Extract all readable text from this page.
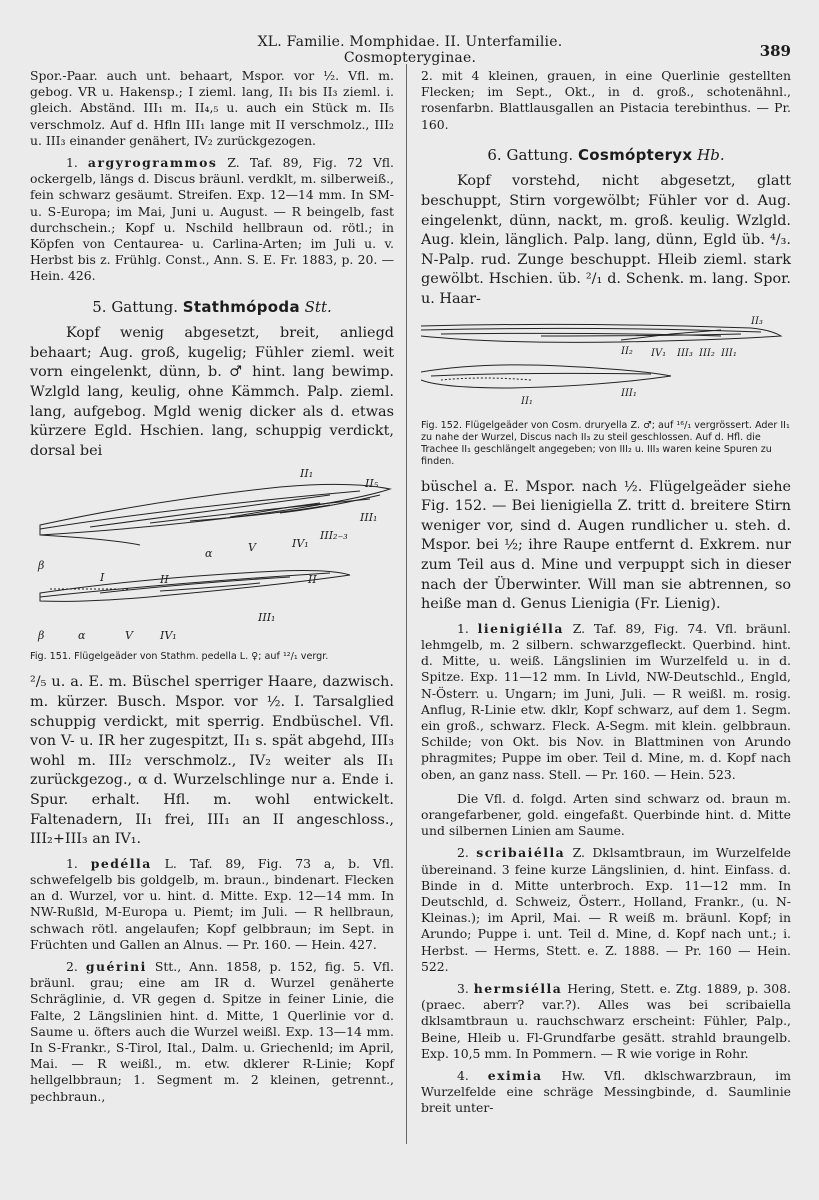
XL. Familie. Momphidae. II. Unterfamilie. Cosmopteryginae.	389

Spor.-Paar. auch unt. behaart, Mspor. vor ½. Vfl. m. gebog. VR u. Hakensp.; I zieml. lang, II₁ bis II₃ zieml. i. gleich. Abständ. III₁ m. II₄,₅ u. auch ein Stück m. II₅ verschmolz. Auf d. Hfln III₁ lange mit II verschmolz., III₂ u. III₃ einander genähert, IV₂ zurückgezogen.

1. argyrogrammos Z. Taf. 89, Fig. 72 Vfl. ockergelb, längs d. Discus bräunl. verdklt, m. silberweiß., fein schwarz gesäumt. Streifen. Exp. 12—14 mm. In SM- u. S-Europa; im Mai, Juni u. August. — R beingelb, fast durchschein.; Kopf u. Nschild hellbraun od. rötl.; in Köpfen von Centaurea- u. Carlina-Arten; im Juli u. v. Herbst bis z. Frühlg. Const., Ann. S. E. Fr. 1883, p. 20. — Hein. 426.

5. Gattung. Stathmópoda Stt.

Kopf wenig abgesetzt, breit, anliegd behaart; Aug. groß, kugelig; Fühler zieml. weit vorn eingelenkt, dünn, b. ♂ hint. lang bewimp. Wzlgld lang, keulig, ohne Kämmch. Palp. zieml. lang, aufgebog. Mgld wenig dicker als d. etwas kürzere Egld. Hschien. lang, schuppig verdickt, dorsal bei

II₁
II₅
III₁
III₂₋₃
IV₁
V
α
β
I	II	II
III₁
IV₁
V
α
β
Fig. 151. Flügelgeäder von Stathm. pedella L. ♀; auf ¹²/₁ vergr.

²/₅ u. a. E. m. Büschel sperriger Haare, dazwisch. m. kürzer. Busch. Mspor. vor ½. I. Tarsalglied schuppig verdickt, mit sperrig. Endbüschel. Vfl. von V- u. IR her zugespitzt, II₁ s. spät abgehd, III₃ wohl m. III₂ verschmolz., IV₂ weiter als II₁ zurückgezog., α d. Wurzelschlinge nur a. Ende i. Spur. erhalt. Hfl. m. wohl entwickelt. Faltenadern, II₁ frei, III₁ an II angeschloss., III₂+III₃ an IV₁.

1. pedélla L. Taf. 89, Fig. 73 a, b. Vfl. schwefelgelb bis goldgelb, m. braun., bindenart. Flecken an d. Wurzel, vor u. hint. d. Mitte. Exp. 12—14 mm. In NW-Rußld, M-Europa u. Piemt; im Juli. — R hellbraun, schwach rötl. angelaufen; Kopf gelbbraun; im Sept. in Früchten und Gallen an Alnus. — Pr. 160. — Hein. 427.

2. guérini Stt., Ann. 1858, p. 152, fig. 5. Vfl. bräunl. grau; eine am IR d. Wurzel genäherte Schräglinie, d. VR gegen d. Spitze in feiner Linie, die Falte, 2 Längslinien hint. d. Mitte, 1 Querlinie vor d. Saume u. öfters auch die Wurzel weißl. Exp. 13—14 mm. In S-Frankr., S-Tirol, Ital., Dalm. u. Griechenld; im April, Mai. — R weißl., m. etw. dklerer R-Linie; Kopf hellgelbbraun; 1. Segment m. 2 kleinen, getrennt., pechbraun.,

2. mit 4 kleinen, grauen, in eine Querlinie gestellten Flecken; im Sept., Okt., in d. groß., schotenähnl., rosenfarbn. Blattlausgallen an Pistacia terebinthus. — Pr. 160.

6. Gattung. Cosmópteryx Hb.

Kopf vorstehd, nicht abgesetzt, glatt beschuppt, Stirn vorgewölbt; Fühler vor d. Aug. eingelenkt, dünn, nackt, m. groß. keulig. Wzlgld. Aug. klein, länglich. Palp. lang, dünn, Egld üb. ⁴/₃. N-Palp. rud. Zunge beschuppt. Hleib zieml. stark gewölbt. Hschien. üb. ²/₁ d. Schenk. m. lang. Spor. u. Haar-

II₃
III₁
III₂
III₃
IV₁
II₂
II₁
III₁
Fig. 152. Flügelgeäder von Cosm. druryella Z. ♂; auf ¹⁶/₁ vergrössert. Ader II₁ zu nahe der Wurzel, Discus nach II₃ zu steil geschlossen. Auf d. Hfl. die Trachee II₁ geschlängelt angegeben; von III₂ u. III₃ waren keine Spuren zu finden.

büschel a. E. Mspor. nach ½. Flügelgeäder siehe Fig. 152. — Bei lienigiella Z. tritt d. breitere Stirn weniger vor, sind d. Augen rundlicher u. steh. d. Mspor. bei ½; ihre Raupe entfernt d. Exkrem. nur zum Teil aus d. Mine und verpuppt sich in dieser nach der Überwinter. Will man sie abtrennen, so heiße man d. Genus Lienigia (Fr. Lienig).

1. lienigiélla Z. Taf. 89, Fig. 74. Vfl. bräunl. lehmgelb, m. 2 silbern. schwarzgefleckt. Querbind. hint. d. Mitte, u. weiß. Längslinien im Wurzelfeld u. in d. Spitze. Exp. 11—12 mm. In Livld, NW-Deutschld., Engld, N-Österr. u. Ungarn; im Juni, Juli. — R weißl. m. rosig. Anflug, R-Linie etw. dklr, Kopf schwarz, auf dem 1. Segm. ein groß., schwarz. Fleck. A-Segm. mit klein. gelbbraun. Schilde; von Okt. bis Nov. in Blattminen von Arundo phragmites; Puppe im ober. Teil d. Mine, m. d. Kopf nach oben, an ganz nass. Stell. — Pr. 160. — Hein. 523.

Die Vfl. d. folgd. Arten sind schwarz od. braun m. orangefarbener, gold. eingefaßt. Querbinde hint. d. Mitte und silbernen Linien am Saume.

2. scribaiélla Z. Dklsamtbraun, im Wurzelfelde übereinand. 3 feine kurze Längslinien, d. hint. Einfass. d. Binde in d. Mitte unterbroch. Exp. 11—12 mm. In Deutschld, d. Schweiz, Österr., Holland, Frankr., (u. N-Kleinas.); im April, Mai. — R weiß m. bräunl. Kopf; in Arundo; Puppe i. unt. Teil d. Mine, d. Kopf nach unt.; i. Herbst. — Herms, Stett. e. Z. 1888. — Pr. 160 — Hein. 522.

3. hermsiélla Hering, Stett. e. Ztg. 1889, p. 308. (praec. aberr? var.?). Alles was bei scribaiella dklsamtbraun u. rauchschwarz erscheint: Fühler, Palp., Beine, Hleib u. Fl-Grundfarbe gesätt. strahld braungelb. Exp. 10,5 mm. In Pommern. — R wie vorige in Rohr.

4. eximia Hw. Vfl. dklschwarzbraun, im Wurzelfelde eine schräge Messingbinde, d. Saumlinie breit unter-
